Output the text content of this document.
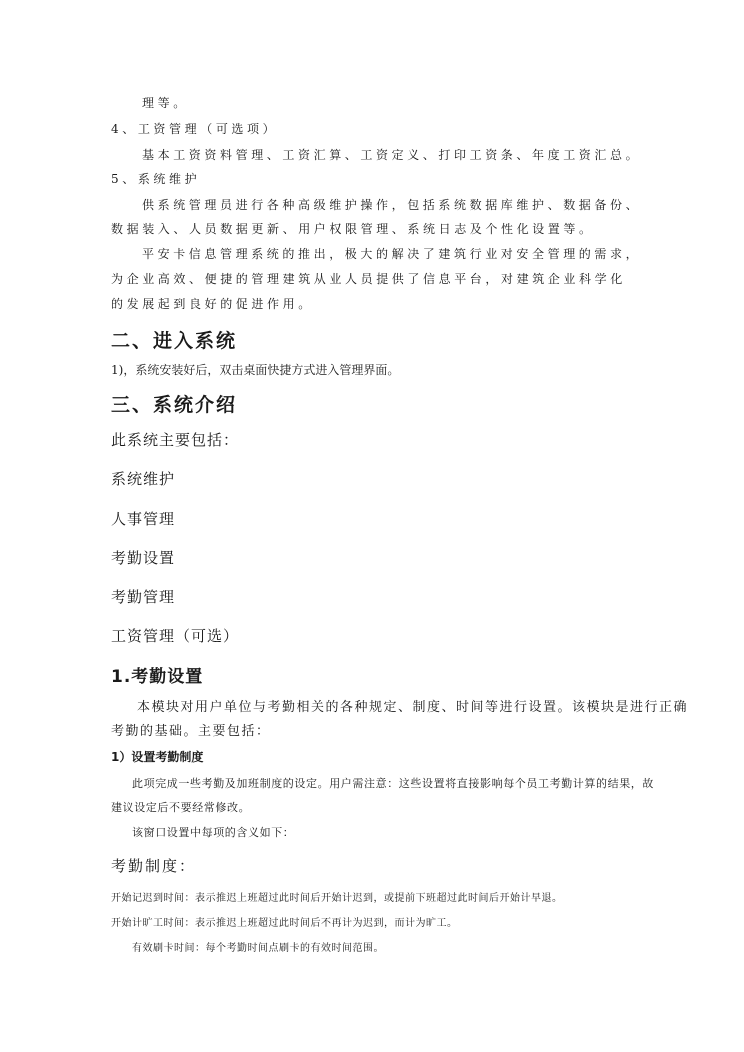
理等。
4、工资管理（可选项）
基本工资资料管理、工资汇算、工资定义、打印工资条、年度工资汇总。
5、系统维护
供系统管理员进行各种高级维护操作，包括系统数据库维护、数据备份、
数据装入、人员数据更新、用户权限管理、系统日志及个性化设置等。
平安卡信息管理系统的推出，极大的解决了建筑行业对安全管理的需求，
为企业高效、便捷的管理建筑从业人员提供了信息平台，对建筑企业科学化
的发展起到良好的促进作用。
二、进入系统
1)，系统安装好后，双击桌面快捷方式进入管理界面。
三、系统介绍
此系统主要包括：
系统维护
人事管理
考勤设置
考勤管理
工资管理（可选）
1.考勤设置
本模块对用户单位与考勤相关的各种规定、制度、时间等进行设置。该模块是进行正确
考勤的基础。主要包括：
1）设置考勤制度
此项完成一些考勤及加班制度的设定。用户需注意：这些设置将直接影响每个员工考勤计算的结果，故
建议设定后不要经常修改。
该窗口设置中每项的含义如下：
考勤制度：
开始记迟到时间：表示推迟上班超过此时间后开始计迟到，或提前下班超过此时间后开始计早退。
开始计旷工时间：表示推迟上班超过此时间后不再计为迟到，而计为旷工。
有效刷卡时间：每个考勤时间点刷卡的有效时间范围。
